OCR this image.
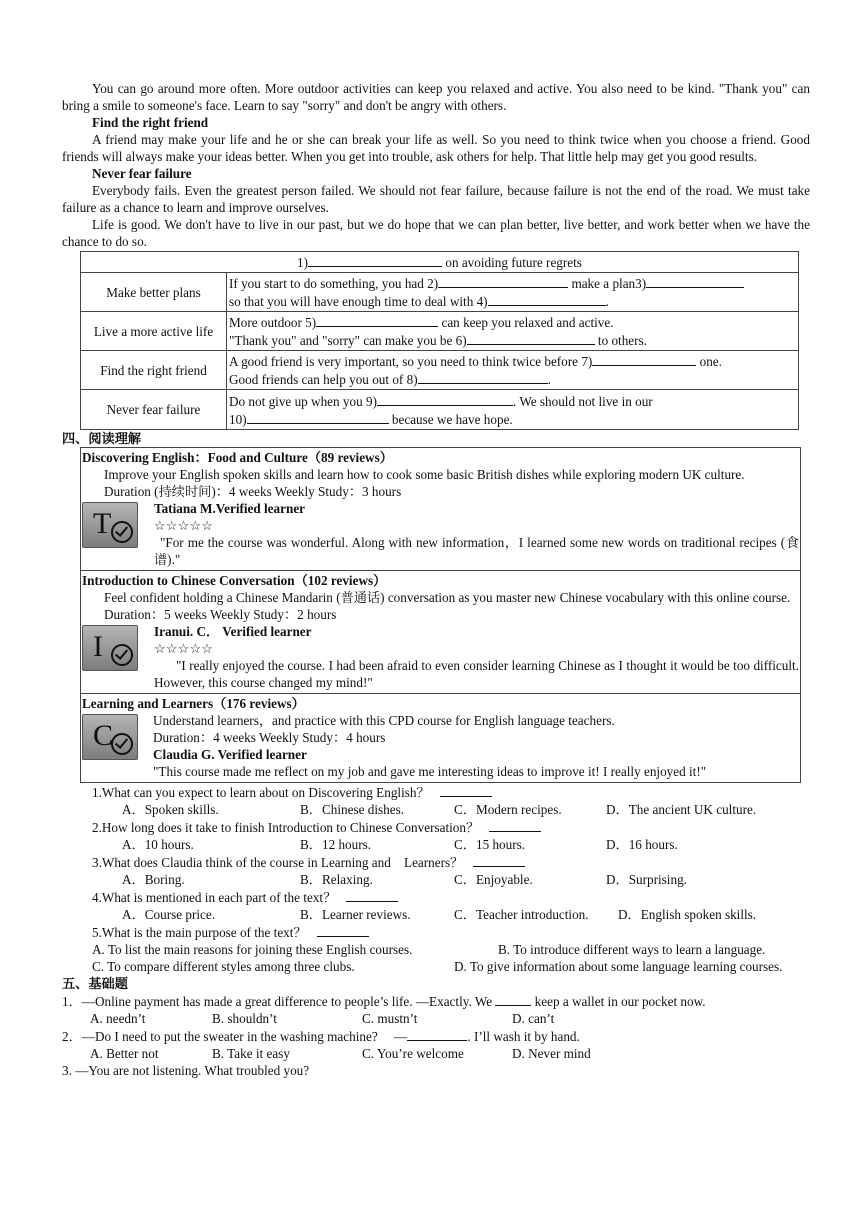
You can go around more often. More outdoor activities can keep you relaxed and active. You also need to be kind. "Thank you" can bring a smile to someone's face. Learn to say "sorry" and don't be angry with others.

Find the right friend

A friend may make your life and he or she can break your life as well. So you need to think twice when you choose a friend. Good friends will always make your ideas better. When you get into trouble, ask others for help. That little help may get you good results.

Never fear failure

Everybody fails. Even the greatest person failed. We should not fear failure, because failure is not the end of the road. We must take failure as a chance to learn and improve ourselves.

Life is good. We don't have to live in our past, but we do hope that we can plan better, live better, and work better when we have the chance to do so.

1) on avoiding future regrets	
Make better plans	If you start to do something, you had 2) make a plan3)
so that you will have enough time to deal with 4) .
Live a more active life	More outdoor 5) can keep you relaxed and active.
"Thank you" and "sorry" can make you be 6) to others.
Find the right friend	A good friend is very important, so you need to think twice before 7) one.
Good friends can help you out of 8) .
Never fear failure	Do not give up when you 9) . We should not live in our
10) because we have hope.

四、阅读理解

Discovering English：Food and Culture（89 reviews）

Improve your English spoken skills and learn how to cook some basic British dishes while exploring modern UK culture.

Duration (持续时间)：4 weeks Weekly Study：3 hours
T	Tatiana M.Verified learner
☆☆☆☆☆

"For me the course was wonderful. Along with new information，I learned some new words on traditional recipes (食谱)."

Introduction to Chinese Conversation（102 reviews）

Feel confident holding a Chinese Mandarin (普通话) conversation as you master new Chinese vocabulary with this online course.

Duration：5 weeks Weekly Study：2 hours
I	Iranui. C． Verified learner
☆☆☆☆☆

"I really enjoyed the course. I had been afraid to even consider learning Chinese as I thought it would be too difficult. However, this course changed my mind!"

Learning and Learners（176 reviews）
C	Understand learners，and practice with this CPD course for English language teachers.
Duration：4 weeks Weekly Study：4 hours
Claudia G. Verified learner
"This course made me reflect on my job and gave me interesting ideas to improve it! I really enjoyed it!"
1.What can you expect to learn about on Discovering English？
A．Spoken skills.	B．Chinese dishes.	C．Modern recipes.	D．The ancient UK culture.
2.How long does it take to finish Introduction to Chinese Conversation？
A．10 hours.	B．12 hours.	C．15 hours.	D．16 hours.
3.What does Claudia think of the course in Learning and　Learners？
A．Boring.	B．Relaxing.	C．Enjoyable.	D．Surprising.
4.What is mentioned in each part of the text？
A．Course price.	B．Learner reviews.	C．Teacher introduction.	D．English spoken skills.
5.What is the main purpose of the text？
A. To list the main reasons for joining these English courses.	B. To introduce different ways to learn a language.
C. To compare different styles among three clubs.	D. To give information about some language learning courses.

五、基础题

1．—Online payment has made a great difference to people’s life. —Exactly. We	keep a wallet in our pocket now.
A. needn’t	B. shouldn’t	C. mustn’t	D. can’t
2．—Do I need to put the sweater in the washing machine?　 —	. I’ll wash it by hand.
A. Better not	B. Take it easy	C. You’re welcome	D. Never mind
3. —You are not listening. What troubled you?
